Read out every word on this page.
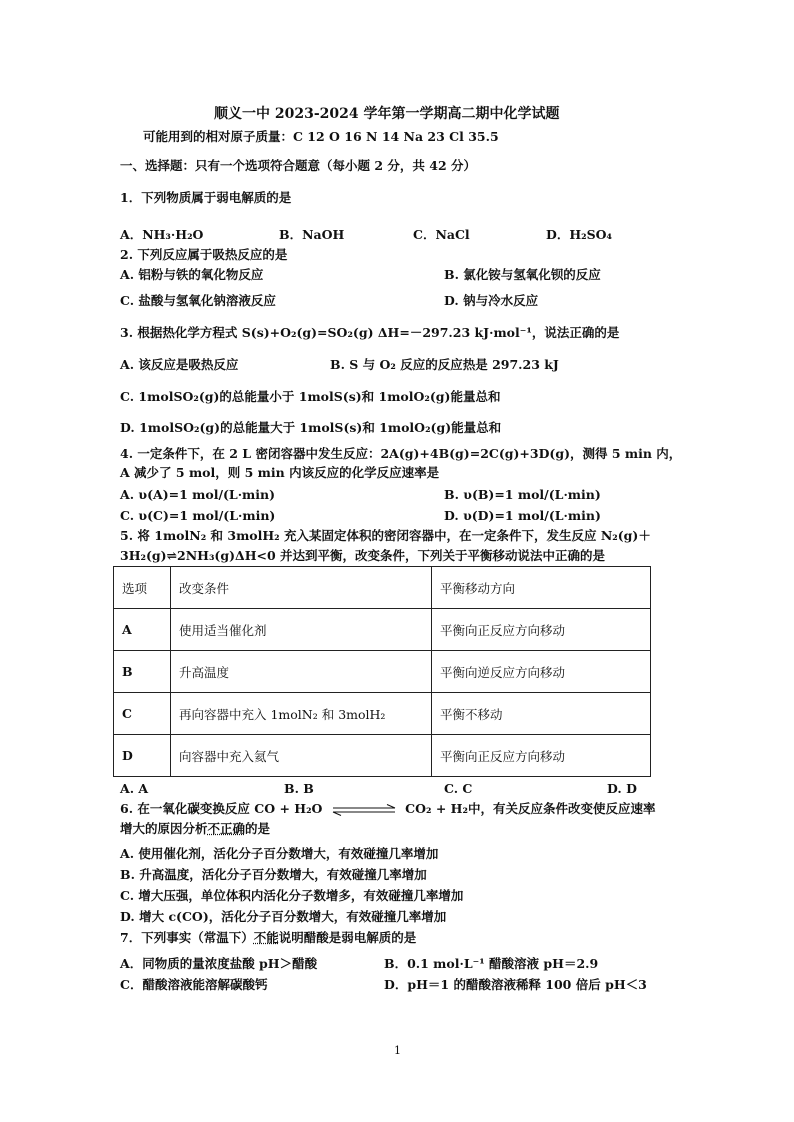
顺义一中 2023-2024 学年第一学期高二期中化学试题
可能用到的相对原子质量：C 12 O 16 N 14 Na 23 Cl 35.5
一、选择题：只有一个选项符合题意（每小题 2 分，共 42 分）
1．下列物质属于弱电解质的是
A．NH₃·H₂O	B．NaOH	C．NaCl	D．H₂SO₄
2. 下列反应属于吸热反应的是
A. 铝粉与铁的氧化物反应	B. 氯化铵与氢氧化钡的反应
C. 盐酸与氢氧化钠溶液反应	D. 钠与冷水反应
3. 根据热化学方程式 S(s)+O₂(g)=SO₂(g) ΔH=－297.23 kJ·mol⁻¹，说法正确的是
A. 该反应是吸热反应	B. S 与 O₂ 反应的反应热是 297.23 kJ
C. 1molSO₂(g)的总能量小于 1molS(s)和 1molO₂(g)能量总和
D. 1molSO₂(g)的总能量大于 1molS(s)和 1molO₂(g)能量总和
4. 一定条件下，在 2 L 密闭容器中发生反应：2A(g)+4B(g)=2C(g)+3D(g)，测得 5 min 内，
A 减少了 5 mol，则 5 min 内该反应的化学反应速率是
A. υ(A)=1 mol/(L·min)	B. υ(B)=1 mol/(L·min)
C. υ(C)=1 mol/(L·min)	D. υ(D)=1 mol/(L·min)
5. 将 1molN₂ 和 3molH₂ 充入某固定体积的密闭容器中，在一定条件下，发生反应 N₂(g)＋
3H₂(g)⇌2NH₃(g)ΔH<0 并达到平衡，改变条件，下列关于平衡移动说法中正确的是
选项	改变条件	平衡移动方向
A	使用适当催化剂	平衡向正反应方向移动
B	升高温度	平衡向逆反应方向移动
C	再向容器中充入 1molN₂ 和 3molH₂	平衡不移动
D	向容器中充入氦气	平衡向正反应方向移动
A. A	B. B	C. C	D. D
6. 在一氧化碳变换反应 CO + H₂O	CO₂ + H₂中，有关反应条件改变使反应速率
增大的原因分析不正确的是
A. 使用催化剂，活化分子百分数增大，有效碰撞几率增加
B. 升高温度，活化分子百分数增大，有效碰撞几率增加
C. 增大压强，单位体积内活化分子数增多，有效碰撞几率增加
D. 增大 c(CO)，活化分子百分数增大，有效碰撞几率增加
7．下列事实（常温下）不能说明醋酸是弱电解质的是
A．同物质的量浓度盐酸 pH＞醋酸	B．0.1 mol·L⁻¹ 醋酸溶液 pH＝2.9
C．醋酸溶液能溶解碳酸钙	D．pH＝1 的醋酸溶液稀释 100 倍后 pH＜3
1
